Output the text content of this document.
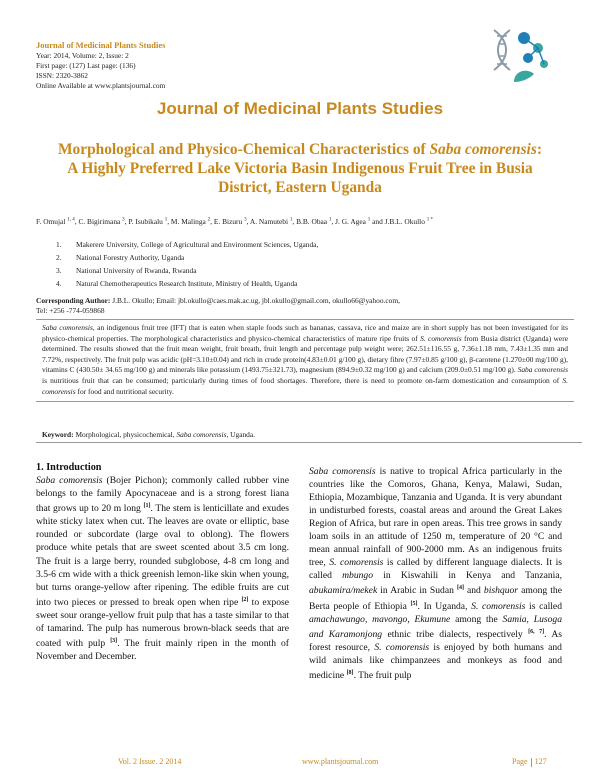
Journal of Medicinal Plants Studies
Year: 2014, Volume: 2, Issue: 2
First page: (127) Last page: (136)
ISSN: 2320-3862
Online Available at www.plantsjournal.com
Journal of Medicinal Plants Studies
Morphological and Physico-Chemical Characteristics of Saba comorensis: A Highly Preferred Lake Victoria Basin Indigenous Fruit Tree in Busia District, Eastern Uganda
F. Omujal $^{1, 4}$, C. Bigirimana $^3$, P. Isubikalu $^1$, M. Malinga $^2$, E. Bizuru $^3$, A. Namutebi $^1$, B.B. Obaa $^1$, J. G. Agea $^1$ and J.B.L. Okullo $^{1 *}$
1. Makerere University, College of Agricultural and Environment Sciences, Uganda,
2. National Forestry Authority, Uganda
3. National University of Rwanda, Rwanda
4. Natural Chemotherapeutics Research Institute, Ministry of Health, Uganda
Corresponding Author: J.B.L. Okullo; Email: jbl.okullo@caes.mak.ac.ug, jbl.okullo@gmail.com, okullo66@yahoo.com,
Tel: +256 -774-059868
Saba comorensis, an indigenous fruit tree (IFT) that is eaten when staple foods such as bananas, cassava, rice and maize are in short supply has not been investigated for its physico-chemical properties. The morphological characteristics and physico-chemical characteristics of mature ripe fruits of S. comorensis from Busia district (Uganda) were determined. The results showed that the fruit mean weight, fruit breath, fruit length and percentage pulp weight were; 262.51±116.55 g, 7.36±1.18 mm, 7.43±1.35 mm and 7.72%, respectively. The fruit pulp was acidic (pH=3.10±0.04) and rich in crude protein(4.83±0.01 g/100 g), dietary fibre (7.97±0.85 g/100 g), β-carotene (1.270±00 mg/100 g), vitamins C (430.50± 34.65 mg/100 g) and minerals like potassium (1493.75±321.73), magnesium (894.9±0.32 mg/100 g) and calcium (209.0±0.51 mg/100 g). Saba comorensis is nutritious fruit that can be consumed; particularly during times of food shortages. Therefore, there is need to promote on-farm domestication and consumption of S. comorensis for food and nutritional security.
Keyword: Morphological, physicochemical, Saba comorensis, Uganda.
1. Introduction
Saba comorensis (Bojer Pichon); commonly called rubber vine belongs to the family Apocynaceae and is a strong forest liana that grows up to 20 m long [1]. The stem is lenticillate and exudes white sticky latex when cut. The leaves are ovate or elliptic, base rounded or subcordate (large oval to oblong). The flowers produce white petals that are sweet scented about 3.5 cm long. The fruit is a large berry, rounded subglobose, 4-8 cm long and 3.5-6 cm wide with a thick greenish lemon-like skin when young, but turns orange-yellow after ripening. The edible fruits are cut into two pieces or pressed to break open when ripe [2] to expose sweet sour orange-yellow fruit pulp that has a taste similar to that of tamarind. The pulp has numerous brown-black seeds that are coated with pulp [3]. The fruit mainly ripen in the month of November and December.
Saba comorensis is native to tropical Africa particularly in the countries like the Comoros, Ghana, Kenya, Malawi, Sudan, Ethiopia, Mozambique, Tanzania and Uganda. It is very abundant in undisturbed forests, coastal areas and around the Great Lakes Region of Africa, but rare in open areas. This tree grows in sandy loam soils in an attitude of 1250 m, temperature of 20 °C and mean annual rainfall of 900-2000 mm. As an indigenous fruits tree, S. comorensis is called by different language dialects. It is called mbungo in Kiswahili in Kenya and Tanzania, abukamira/mekek in Arabic in Sudan [4] and bishquor among the Berta people of Ethiopia [5]. In Uganda, S. comorensis is called amachawungo, mavongo, Ekumune among the Samia, Lusoga and Karamonjong ethnic tribe dialects, respectively [6, 7]. As forest resource, S. comorensis is enjoyed by both humans and wild animals like chimpanzees and monkeys as food and medicine [8]. The fruit pulp
Vol. 2 Issue. 2 2014	www.plantsjournal.com	Page 127
